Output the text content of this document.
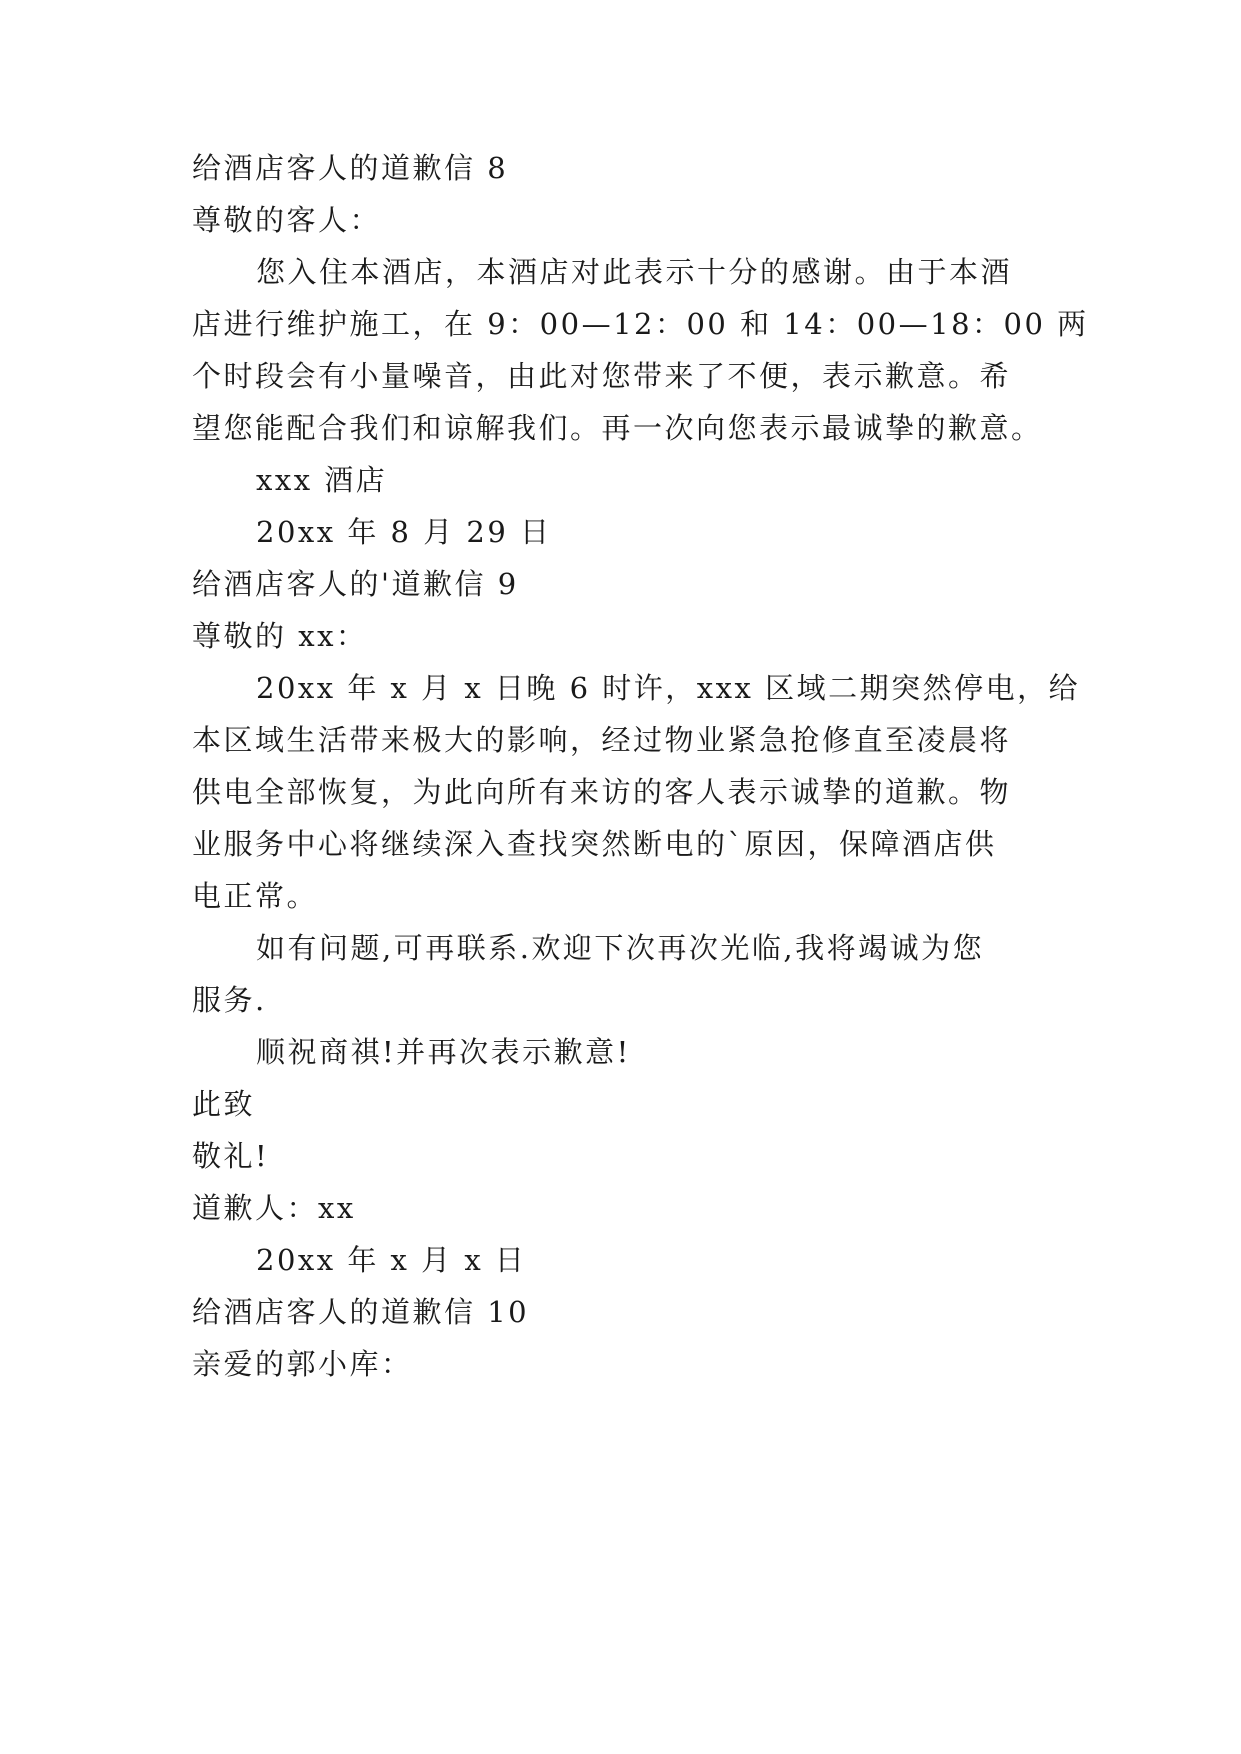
给酒店客人的道歉信 8
尊敬的客人：
您入住本酒店，本酒店对此表示十分的感谢。由于本酒
店进行维护施工，在 9：00—12：00 和 14：00—18：00 两
个时段会有小量噪音，由此对您带来了不便，表示歉意。希
望您能配合我们和谅解我们。再一次向您表示最诚挚的歉意。
xxx 酒店
20xx 年 8 月 29 日
给酒店客人的'道歉信 9
尊敬的 xx：
20xx 年 x 月 x 日晚 6 时许，xxx 区域二期突然停电，给
本区域生活带来极大的影响，经过物业紧急抢修直至凌晨将
供电全部恢复，为此向所有来访的客人表示诚挚的道歉。物
业服务中心将继续深入查找突然断电的`原因，保障酒店供
电正常。
如有问题,可再联系.欢迎下次再次光临,我将竭诚为您
服务.
顺祝商祺!并再次表示歉意!
此致
敬礼!
道歉人：xx
20xx 年 x 月 x 日
给酒店客人的道歉信 10
亲爱的郭小库：
